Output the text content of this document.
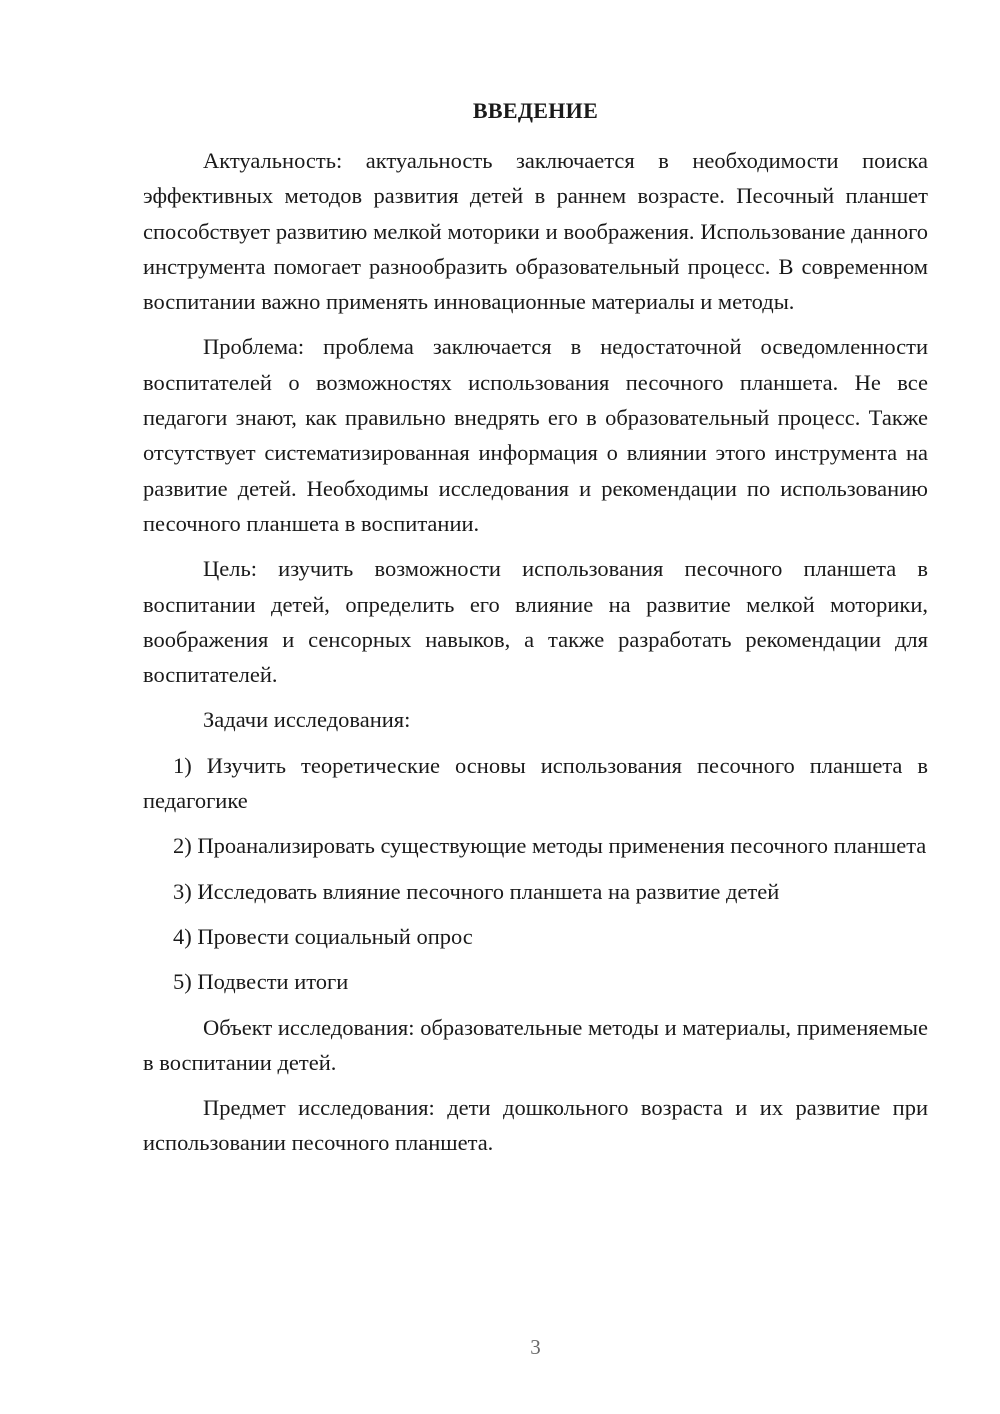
ВВЕДЕНИЕ

Актуальность: актуальность заключается в необходимости поиска эффективных методов развития детей в раннем возрасте. Песочный планшет способствует развитию мелкой моторики и воображения. Использование данного инструмента помогает разнообразить образовательный процесс. В современном воспитании важно применять инновационные материалы и методы.

Проблема: проблема заключается в недостаточной осведомленности воспитателей о возможностях использования песочного планшета. Не все педагоги знают, как правильно внедрять его в образовательный процесс. Также отсутствует систематизированная информация о влиянии этого инструмента на развитие детей. Необходимы исследования и рекомендации по использованию песочного планшета в воспитании.

Цель: изучить возможности использования песочного планшета в воспитании детей, определить его влияние на развитие мелкой моторики, воображения и сенсорных навыков, а также разработать рекомендации для воспитателей.

Задачи исследования:

1) Изучить теоретические основы использования песочного планшета в педагогике

2) Проанализировать существующие методы применения песочного планшета

3) Исследовать влияние песочного планшета на развитие детей

4) Провести социальный опрос

5) Подвести итоги

Объект исследования: образовательные методы и материалы, применяемые в воспитании детей.

Предмет исследования: дети дошкольного возраста и их развитие при использовании песочного планшета.

3
